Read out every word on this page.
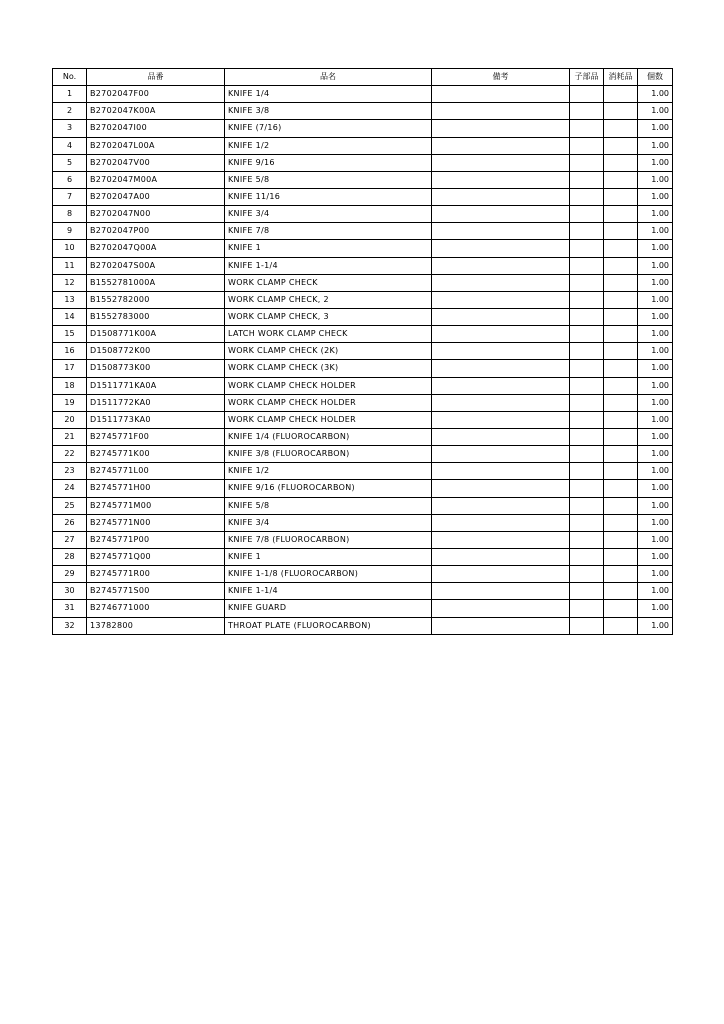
No.	品番	品名	備考	子部品	消耗品	個数
1	B2702047F00	KNIFE 1/4				1.00
2	B2702047K00A	KNIFE 3/8				1.00
3	B2702047I00	KNIFE (7/16)				1.00
4	B2702047L00A	KNIFE 1/2				1.00
5	B2702047V00	KNIFE 9/16				1.00
6	B2702047M00A	KNIFE 5/8				1.00
7	B2702047A00	KNIFE 11/16				1.00
8	B2702047N00	KNIFE 3/4				1.00
9	B2702047P00	KNIFE 7/8				1.00
10	B2702047Q00A	KNIFE 1				1.00
11	B2702047S00A	KNIFE 1-1/4				1.00
12	B1552781000A	WORK CLAMP CHECK				1.00
13	B1552782000	WORK CLAMP CHECK, 2				1.00
14	B1552783000	WORK CLAMP CHECK, 3				1.00
15	D1508771K00A	LATCH WORK CLAMP CHECK				1.00
16	D1508772K00	WORK CLAMP CHECK (2K)				1.00
17	D1508773K00	WORK CLAMP CHECK (3K)				1.00
18	D1511771KA0A	WORK CLAMP CHECK HOLDER				1.00
19	D1511772KA0	WORK CLAMP CHECK HOLDER				1.00
20	D1511773KA0	WORK CLAMP CHECK HOLDER				1.00
21	B2745771F00	KNIFE 1/4 (FLUOROCARBON)				1.00
22	B2745771K00	KNIFE 3/8 (FLUOROCARBON)				1.00
23	B2745771L00	KNIFE 1/2				1.00
24	B2745771H00	KNIFE 9/16 (FLUOROCARBON)				1.00
25	B2745771M00	KNIFE 5/8				1.00
26	B2745771N00	KNIFE 3/4				1.00
27	B2745771P00	KNIFE 7/8 (FLUOROCARBON)				1.00
28	B2745771Q00	KNIFE 1				1.00
29	B2745771R00	KNIFE 1-1/8 (FLUOROCARBON)				1.00
30	B2745771S00	KNIFE 1-1/4				1.00
31	B2746771000	KNIFE GUARD				1.00
32	13782800	THROAT PLATE (FLUOROCARBON)				1.00
